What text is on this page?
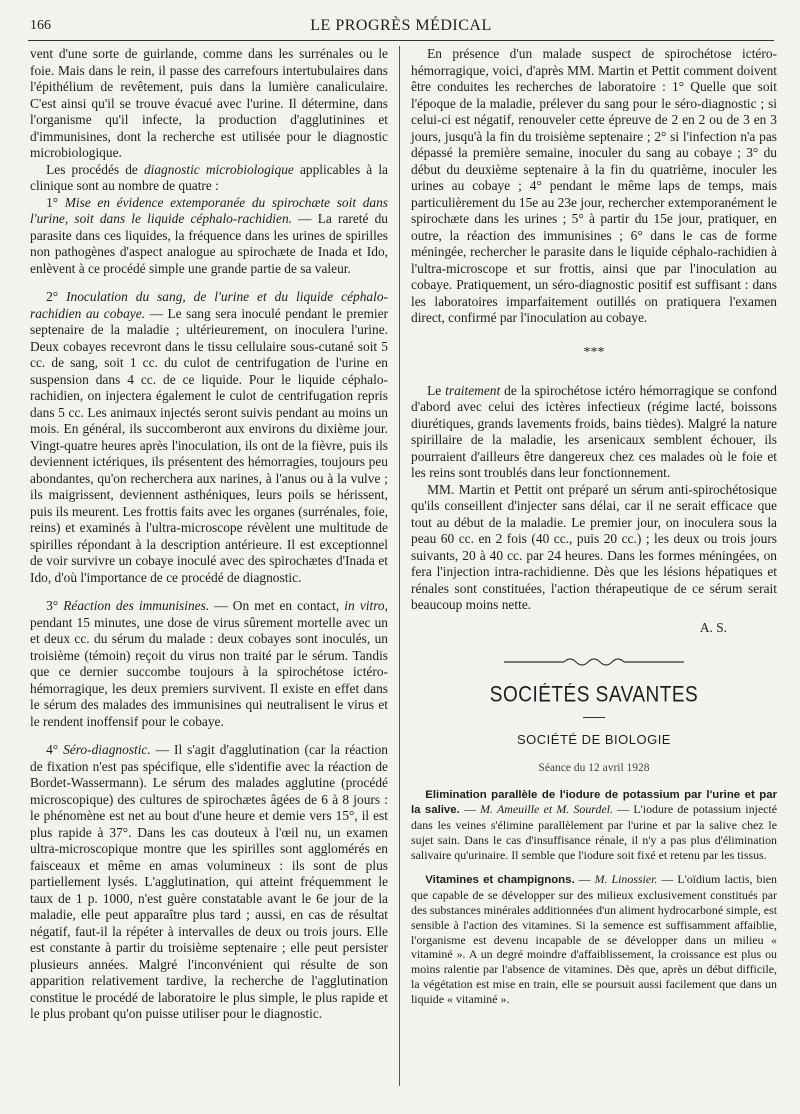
166	LE PROGRÈS MÉDICAL

vent d'une sorte de guirlande, comme dans les surrénales ou le foie. Mais dans le rein, il passe des carrefours intertubulaires dans l'épithélium de revêtement, puis dans la lumière canaliculaire. C'est ainsi qu'il se trouve évacué avec l'urine. Il détermine, dans l'organisme qu'il infecte, la production d'agglutinines et d'immunisines, dont la recherche est utilisée pour le diagnostic microbiologique.

Les procédés de diagnostic microbiologique applicables à la clinique sont au nombre de quatre :

1° Mise en évidence extemporanée du spirochæte soit dans l'urine, soit dans le liquide céphalo-rachidien. — La rareté du parasite dans ces liquides, la fréquence dans les urines de spirilles non pathogènes d'aspect analogue au spirochæte de Inada et Ido, enlèvent à ce procédé simple une grande partie de sa valeur.

2° Inoculation du sang, de l'urine et du liquide céphalo-rachidien au cobaye. — Le sang sera inoculé pendant le premier septenaire de la maladie ; ultérieurement, on inoculera l'urine. Deux cobayes recevront dans le tissu cellulaire sous-cutané soit 5 cc. de sang, soit 1 cc. du culot de centrifugation de l'urine en suspension dans 4 cc. de ce liquide. Pour le liquide céphalo-rachidien, on injectera également le culot de centrifugation repris dans 5 cc. Les animaux injectés seront suivis pendant au moins un mois. En général, ils succomberont aux environs du dixième jour. Vingt-quatre heures après l'inoculation, ils ont de la fièvre, puis ils deviennent ictériques, ils présentent des hémorragies, toujours peu abondantes, qu'on recherchera aux narines, à l'anus ou à la vulve ; ils maigrissent, deviennent asthéniques, leurs poils se hérissent, puis ils meurent. Les frottis faits avec les organes (surrénales, foie, reins) et examinés à l'ultra-microscope révèlent une multitude de spirilles répondant à la description antérieure. Il est exceptionnel de voir survivre un cobaye inoculé avec des spirochætes d'Inada et Ido, d'où l'importance de ce procédé de diagnostic.

3° Réaction des immunisines. — On met en contact, in vitro, pendant 15 minutes, une dose de virus sûrement mortelle avec un et deux cc. du sérum du malade : deux cobayes sont inoculés, un troisième (témoin) reçoit du virus non traité par le sérum. Tandis que ce dernier succombe toujours à la spirochétose ictéro-hémorragique, les deux premiers survivent. Il existe en effet dans le sérum des malades des immunisines qui neutralisent le virus et le rendent inoffensif pour le cobaye.

4° Séro-diagnostic. — Il s'agit d'agglutination (car la réaction de fixation n'est pas spécifique, elle s'identifie avec la réaction de Bordet-Wassermann). Le sérum des malades agglutine (procédé microscopique) des cultures de spirochætes âgées de 6 à 8 jours : le phénomène est net au bout d'une heure et demie vers 15°, il est plus rapide à 37°. Dans les cas douteux à l'œil nu, un examen ultra-microscopique montre que les spirilles sont agglomérés en faisceaux et même en amas volumineux : ils sont de plus partiellement lysés. L'agglutination, qui atteint fréquemment le taux de 1 p. 1000, n'est guère constatable avant le 6e jour de la maladie, elle peut apparaître plus tard ; aussi, en cas de résultat négatif, faut-il la répéter à intervalles de deux ou trois jours. Elle est constante à partir du troisième septenaire ; elle peut persister plusieurs années. Malgré l'inconvénient qui résulte de son apparition relativement tardive, la recherche de l'agglutination constitue le procédé de laboratoire le plus simple, le plus rapide et le plus probant qu'on puisse utiliser pour le diagnostic.

En présence d'un malade suspect de spirochétose ictéro-hémorragique, voici, d'après MM. Martin et Pettit comment doivent être conduites les recherches de laboratoire : 1° Quelle que soit l'époque de la maladie, prélever du sang pour le séro-diagnostic ; si celui-ci est négatif, renouveler cette épreuve de 2 en 2 ou de 3 en 3 jours, jusqu'à la fin du troisième septenaire ; 2° si l'infection n'a pas dépassé la première semaine, inoculer du sang au cobaye ; 3° du début du deuxième septenaire à la fin du quatrième, inoculer les urines au cobaye ; 4° pendant le même laps de temps, mais particulièrement du 15e au 23e jour, rechercher extemporanément le spirochæte dans les urines ; 5° à partir du 15e jour, pratiquer, en outre, la réaction des immunisines ; 6° dans le cas de forme méningée, rechercher le parasite dans le liquide céphalo-rachidien à l'ultra-microscope et sur frottis, ainsi que par l'inoculation au cobaye. Pratiquement, un séro-diagnostic positif est suffisant : dans les laboratoires imparfaitement outillés on pratiquera l'examen direct, confirmé par l'inoculation au cobaye.

***

Le traitement de la spirochétose ictéro hémorragique se confond d'abord avec celui des ictères infectieux (régime lacté, boissons diurétiques, grands lavements froids, bains tièdes). Malgré la nature spirillaire de la maladie, les arsenicaux semblent échouer, ils pourraient d'ailleurs être dangereux chez ces malades où le foie et les reins sont troublés dans leur fonctionnement.

MM. Martin et Pettit ont préparé un sérum anti-spirochétosique qu'ils conseillent d'injecter sans délai, car il ne serait efficace que tout au début de la maladie. Le premier jour, on inoculera sous la peau 60 cc. en 2 fois (40 cc., puis 20 cc.) ; les deux ou trois jours suivants, 20 à 40 cc. par 24 heures. Dans les formes méningées, on fera l'injection intra-rachidienne. Dès que les lésions hépatiques et rénales sont constituées, l'action thérapeutique de ce sérum serait beaucoup moins nette.

A. S.
SOCIÉTÉS SAVANTES
SOCIÉTÉ DE BIOLOGIE
Séance du 12 avril 1928

Elimination parallèle de l'iodure de potassium par l'urine et par la salive. — M. Ameuille et M. Sourdel. — L'iodure de potassium injecté dans les veines s'élimine parallèlement par l'urine et par la salive chez le sujet sain. Dans le cas d'insuffisance rénale, il n'y a pas plus d'élimination salivaire qu'urinaire. Il semble que l'iodure soit fixé et retenu par les tissus.

Vitamines et champignons. — M. Linossier. — L'oïdium lactis, bien que capable de se développer sur des milieux exclusivement constitués par des substances minérales additionnées d'un aliment hydrocarboné simple, est sensible à l'action des vitamines. Si la semence est suffisamment affaiblie, l'organisme est devenu incapable de se développer dans un milieu « vitaminé ». A un degré moindre d'affaiblissement, la croissance est plus ou moins ralentie par l'absence de vitamines. Dès que, après un début difficile, la végétation est mise en train, elle se poursuit aussi facilement que dans un liquide « vitaminé ».
